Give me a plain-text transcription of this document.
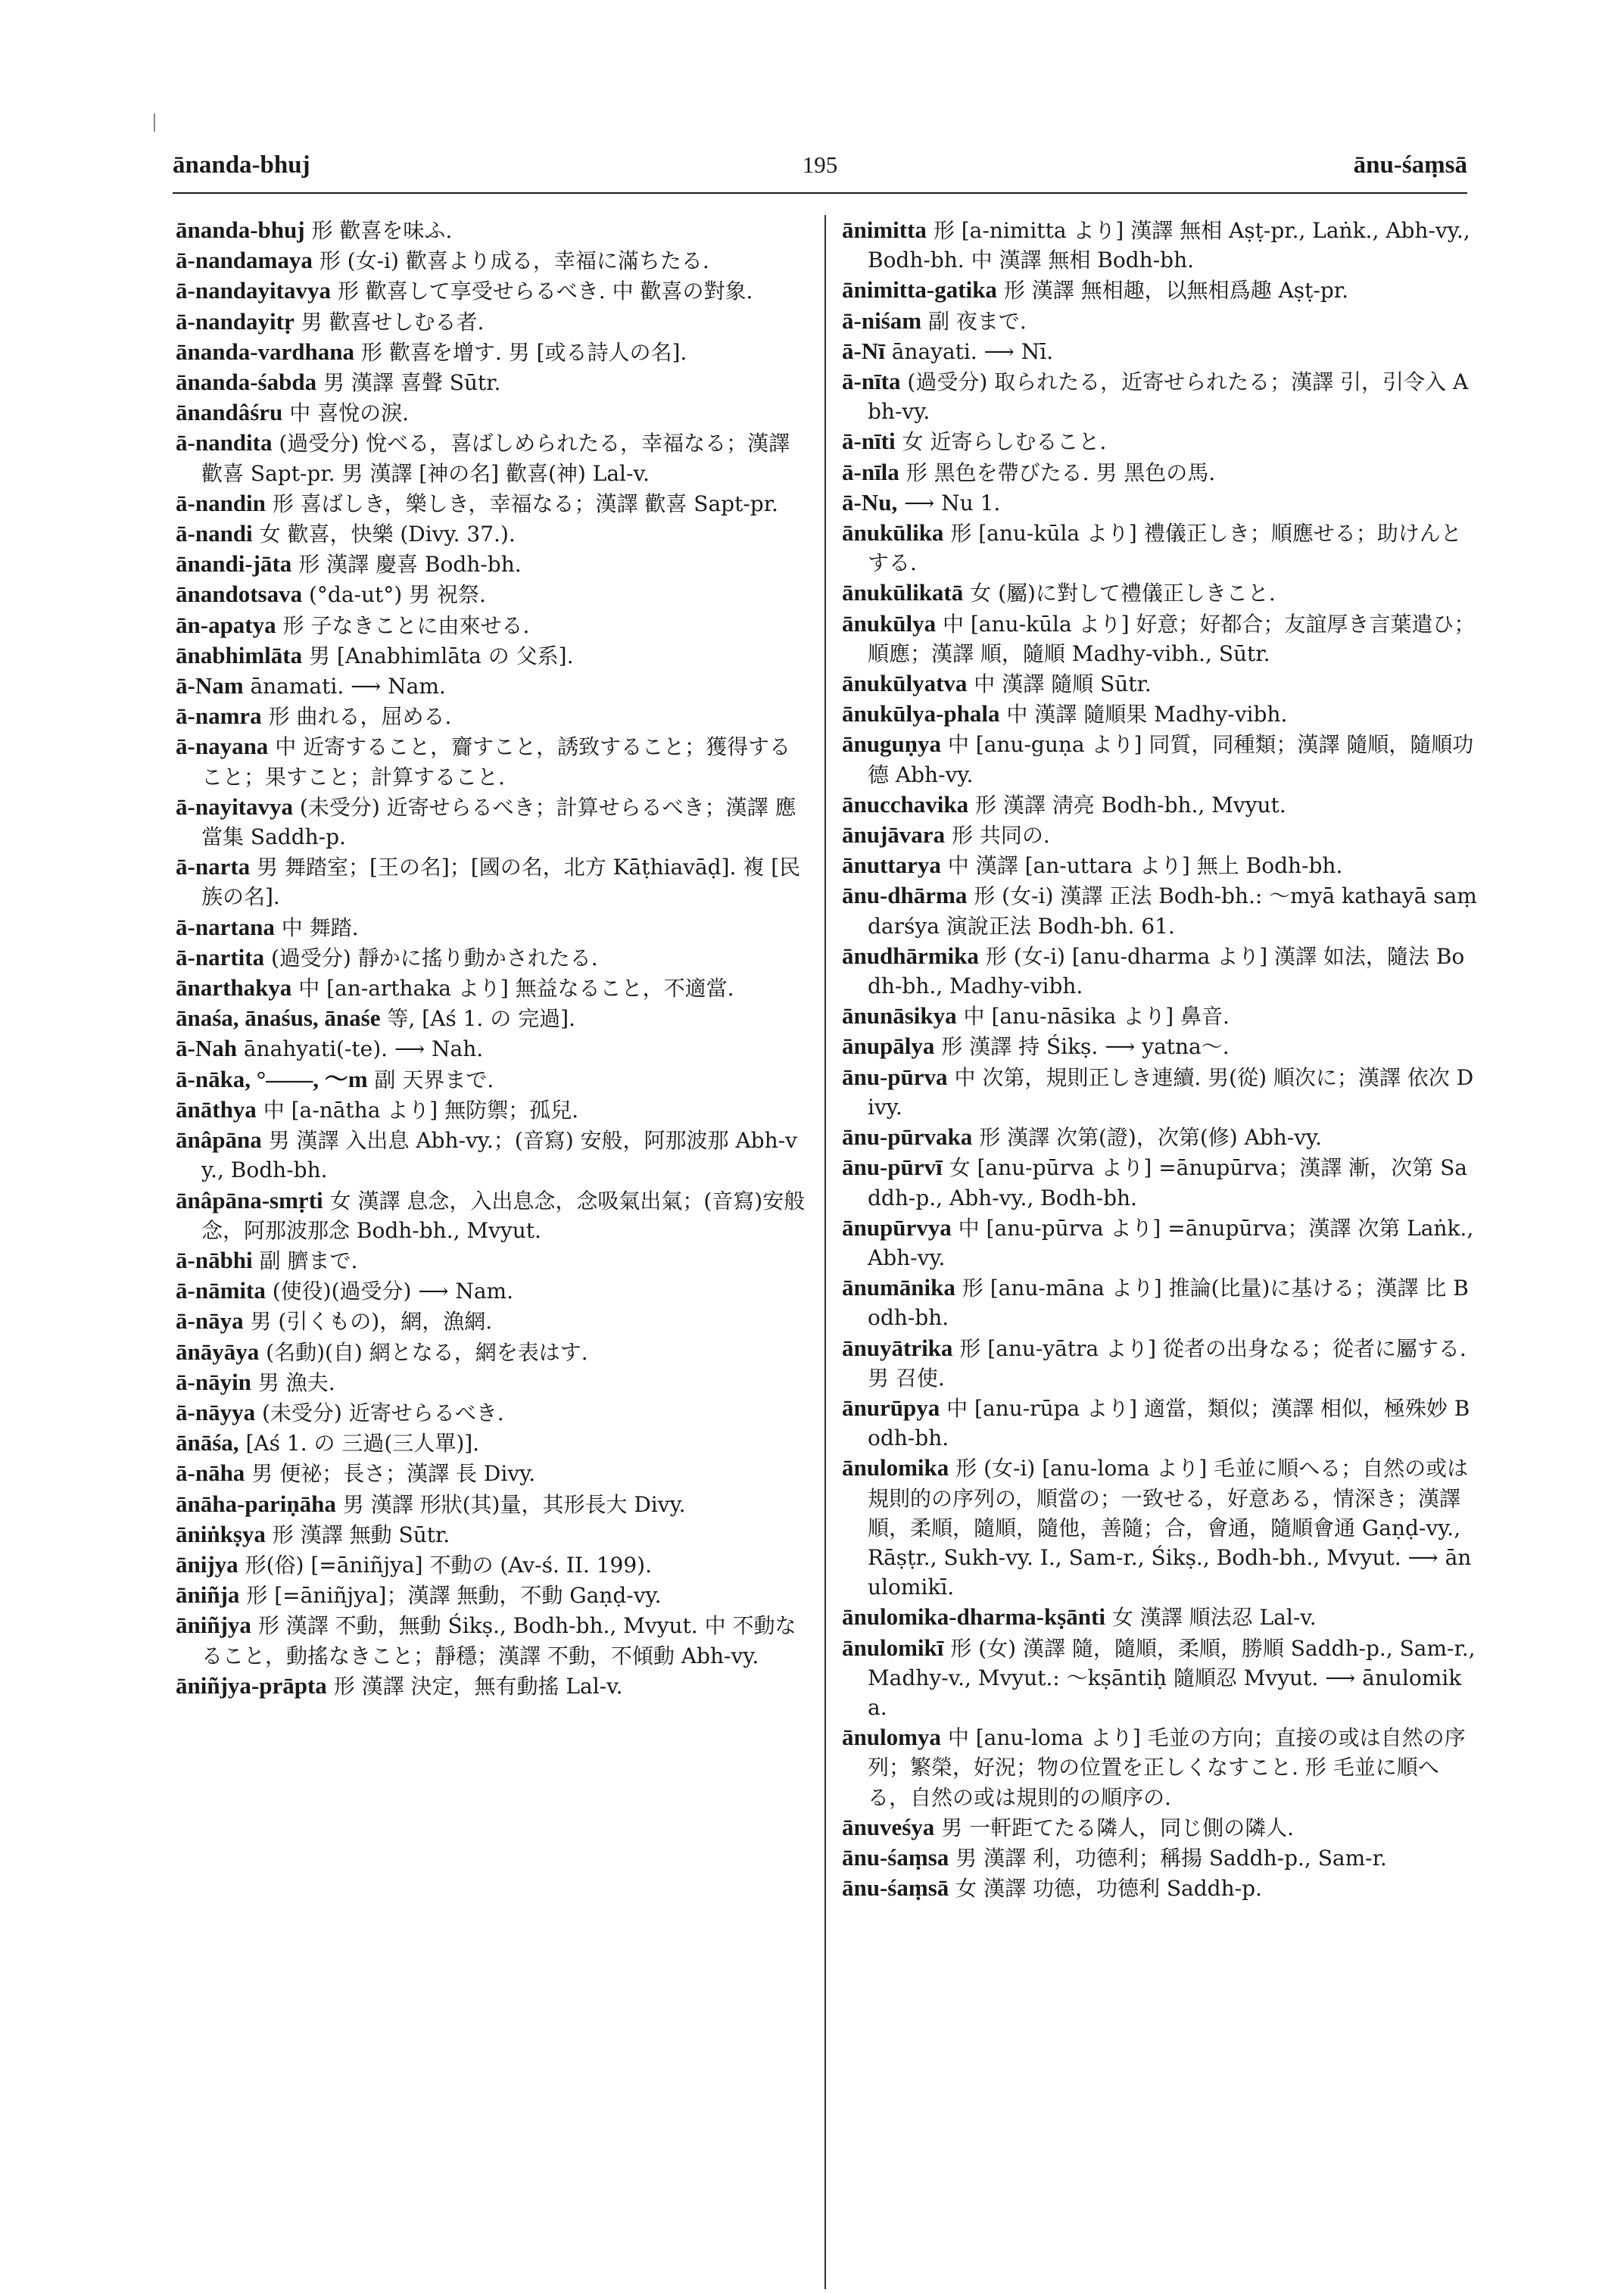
ānanda-bhuj	195	ānu-śaṃsā

ānanda-bhuj 形 歡喜を味ふ.

ā-nandamaya 形 (女-i) 歡喜より成る，幸福に滿ちたる.

ā-nandayitavya 形 歡喜して享受せらるべき. 中 歡喜の對象.

ā-nandayitṛ 男 歡喜せしむる者.

ānanda-vardhana 形 歡喜を增す. 男 [或る詩人の名].

ānanda-śabda 男 漢譯 喜聲 Sūtr.

ānandâśru 中 喜悅の淚.

ā-nandita (過受分) 悅べる，喜ばしめられたる，幸福なる；漢譯 歡喜 Sapt-pr. 男 漢譯 [神の名] 歡喜(神) Lal-v.

ā-nandin 形 喜ばしき，樂しき，幸福なる；漢譯 歡喜 Sapt-pr.

ā-nandi 女 歡喜，快樂 (Divy. 37.).

ānandi-jāta 形 漢譯 慶喜 Bodh-bh.

ānandotsava (°da-ut°) 男 祝祭.

ān-apatya 形 子なきことに由來せる.

ānabhimlāta 男 [Anabhimlāta の 父系].

ā-Nam ānamati. ⟶ Nam.

ā-namra 形 曲れる，屈める.

ā-nayana 中 近寄すること，齎すこと，誘致すること；獲得すること；果すこと；計算すること.

ā-nayitavya (未受分) 近寄せらるべき；計算せらるべき；漢譯 應當集 Saddh-p.

ā-narta 男 舞踏室；[王の名]；[國の名，北方 Kāṭhiavāḍ]. 複 [民族の名].

ā-nartana 中 舞踏.

ā-nartita (過受分) 靜かに搖り動かされたる.

ānarthakya 中 [an-arthaka より] 無益なること，不適當.

ānaśa, ānaśus, ānaśe 等, [Aś 1. の 完過].

ā-Nah ānahyati(-te). ⟶ Nah.

ā-nāka, °——, 〜m 副 天界まで.

ānāthya 中 [a-nātha より] 無防禦；孤兒.

ānâpāna 男 漢譯 入出息 Abh-vy.；(音寫) 安般，阿那波那 Abh-vy., Bodh-bh.

ānâpāna-smṛti 女 漢譯 息念，入出息念，念吸氣出氣；(音寫)安般念，阿那波那念 Bodh-bh., Mvyut.

ā-nābhi 副 臍まで.

ā-nāmita (使役)(過受分) ⟶ Nam.

ā-nāya 男 (引くもの)，網，漁網.

ānāyāya (名動)(自) 網となる，網を表はす.

ā-nāyin 男 漁夫.

ā-nāyya (未受分) 近寄せらるべき.

ānāśa, [Aś 1. の 三過(三人單)].

ā-nāha 男 便祕；長さ；漢譯 長 Divy.

ānāha-pariṇāha 男 漢譯 形狀(其)量，其形長大 Divy.

āniṅkṣya 形 漢譯 無動 Sūtr.

ānijya 形(俗) [=āniñjya] 不動の (Av-ś. II. 199).

āniñja 形 [=āniñjya]；漢譯 無動，不動 Gaṇḍ-vy.

āniñjya 形 漢譯 不動，無動 Śikṣ., Bodh-bh., Mvyut. 中 不動なること，動搖なきこと；靜穩；漢譯 不動，不傾動 Abh-vy.

āniñjya-prāpta 形 漢譯 決定，無有動搖 Lal-v.

ānimitta 形 [a-nimitta より] 漢譯 無相 Aṣṭ-pr., Laṅk., Abh-vy., Bodh-bh. 中 漢譯 無相 Bodh-bh.

ānimitta-gatika 形 漢譯 無相趣，以無相爲趣 Aṣṭ-pr.

ā-niśam 副 夜まで.

ā-Nī ānayati. ⟶ Nī.

ā-nīta (過受分) 取られたる，近寄せられたる；漢譯 引，引令入 Abh-vy.

ā-nīti 女 近寄らしむること.

ā-nīla 形 黑色を帶びたる. 男 黑色の馬.

ā-Nu, ⟶ Nu 1.

ānukūlika 形 [anu-kūla より] 禮儀正しき；順應せる；助けんとする.

ānukūlikatā 女 (屬)に對して禮儀正しきこと.

ānukūlya 中 [anu-kūla より] 好意；好都合；友誼厚き言葉遣ひ；順應；漢譯 順，隨順 Madhy-vibh., Sūtr.

ānukūlyatva 中 漢譯 隨順 Sūtr.

ānukūlya-phala 中 漢譯 隨順果 Madhy-vibh.

ānuguṇya 中 [anu-guṇa より] 同質，同種類；漢譯 隨順，隨順功德 Abh-vy.

ānucchavika 形 漢譯 淸亮 Bodh-bh., Mvyut.

ānujāvara 形 共同の.

ānuttarya 中 漢譯 [an-uttara より] 無上 Bodh-bh.

ānu-dhārma 形 (女-i) 漢譯 正法 Bodh-bh.: 〜myā kathayā saṃdarśya 演說正法 Bodh-bh. 61.

ānudhārmika 形 (女-i) [anu-dharma より] 漢譯 如法，隨法 Bodh-bh., Madhy-vibh.

ānunāsikya 中 [anu-nāsika より] 鼻音.

ānupālya 形 漢譯 持 Śikṣ. ⟶ yatna〜.

ānu-pūrva 中 次第，規則正しき連續. 男(從) 順次に；漢譯 依次 Divy.

ānu-pūrvaka 形 漢譯 次第(證)，次第(修) Abh-vy.

ānu-pūrvī 女 [anu-pūrva より] =ānupūrva；漢譯 漸，次第 Saddh-p., Abh-vy., Bodh-bh.

ānupūrvya 中 [anu-pūrva より] =ānupūrva；漢譯 次第 Laṅk., Abh-vy.

ānumānika 形 [anu-māna より] 推論(比量)に基ける；漢譯 比 Bodh-bh.

ānuyātrika 形 [anu-yātra より] 從者の出身なる；從者に屬する. 男 召使.

ānurūpya 中 [anu-rūpa より] 適當，類似；漢譯 相似，極殊妙 Bodh-bh.

ānulomika 形 (女-i) [anu-loma より] 毛並に順へる；自然の或は規則的の序列の，順當の；一致せる，好意ある，情深き；漢譯 順，柔順，隨順，隨他，善隨；合，會通，隨順會通 Gaṇḍ-vy., Rāṣṭr., Sukh-vy. I., Sam-r., Śikṣ., Bodh-bh., Mvyut. ⟶ ānulomikī.

ānulomika-dharma-kṣānti 女 漢譯 順法忍 Lal-v.

ānulomikī 形 (女) 漢譯 隨，隨順，柔順，勝順 Saddh-p., Sam-r., Madhy-v., Mvyut.: 〜kṣāntiḥ 隨順忍 Mvyut. ⟶ ānulomika.

ānulomya 中 [anu-loma より] 毛並の方向；直接の或は自然の序列；繁榮，好況；物の位置を正しくなすこと. 形 毛並に順へる，自然の或は規則的の順序の.

ānuveśya 男 一軒距てたる隣人，同じ側の隣人.

ānu-śaṃsa 男 漢譯 利，功德利；稱揚 Saddh-p., Sam-r.

ānu-śaṃsā 女 漢譯 功德，功德利 Saddh-p.
